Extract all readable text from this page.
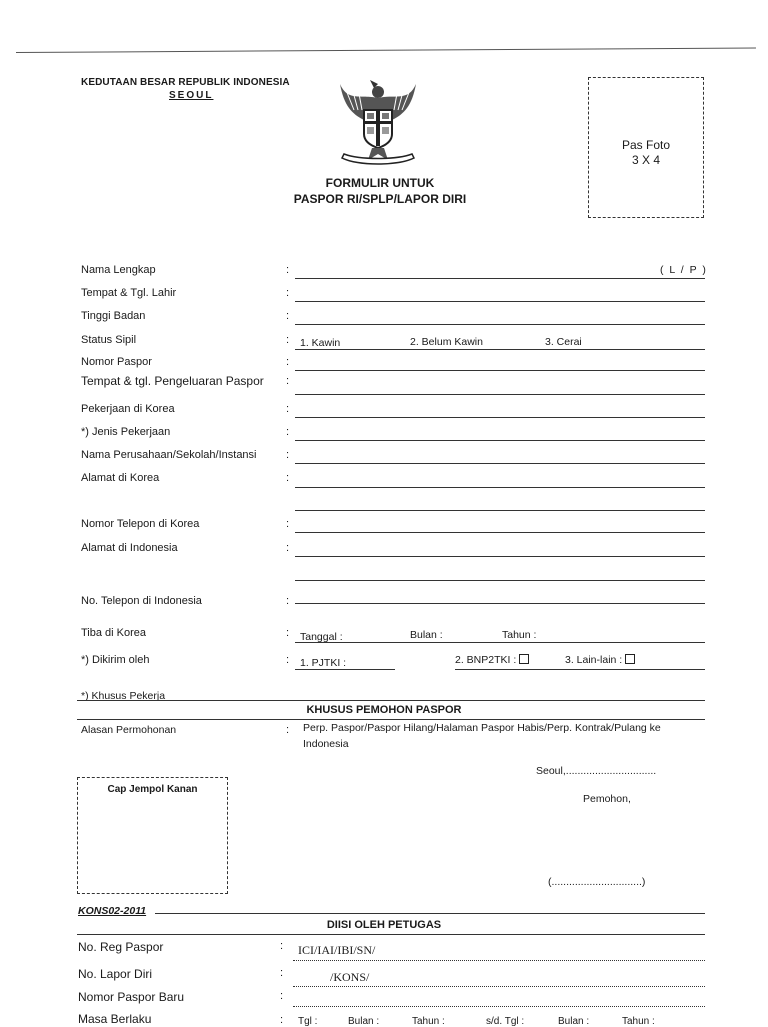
KEDUTAAN BESAR REPUBLIK INDONESIA
SEOUL
FORMULIR UNTUK
PASPOR RI/SPLP/LAPOR DIRI
Pas Foto
3 X 4
Nama Lengkap	:	( L / P )
Tempat & Tgl. Lahir	:
Tinggi Badan	:
Status Sipil	: 1. Kawin	2. Belum Kawin	3. Cerai
Nomor Paspor	:
Tempat & tgl. Pengeluaran Paspor :
Pekerjaan di Korea	:
*) Jenis Pekerjaan	:
Nama Perusahaan/Sekolah/Instansi	:
Alamat di Korea	:
Nomor Telepon di Korea	:
Alamat di Indonesia	:
No. Telepon di Indonesia	:
Tiba di Korea	: Tanggal :	Bulan :	Tahun :
*) Dikirim oleh	: 1. PJTKI :	2. BNP2TKI :	3. Lain-lain :
*) Khusus Pekerja
KHUSUS PEMOHON PASPOR
Alasan Permohonan	: Perp. Paspor/Paspor Hilang/Halaman Paspor Habis/Perp. Kontrak/Pulang ke
Indonesia
Seoul,...............................
Pemohon,
(...............................)
Cap Jempol Kanan
KONS02-2011
DIISI OLEH PETUGAS
No. Reg Paspor	: ICI/IAI/IBI/SN/
No. Lapor Diri	:	/KONS/
Nomor Paspor Baru	:
Masa Berlaku	: Tgl :	Bulan :	Tahun :	s/d. Tgl :	Bulan :	Tahun :
